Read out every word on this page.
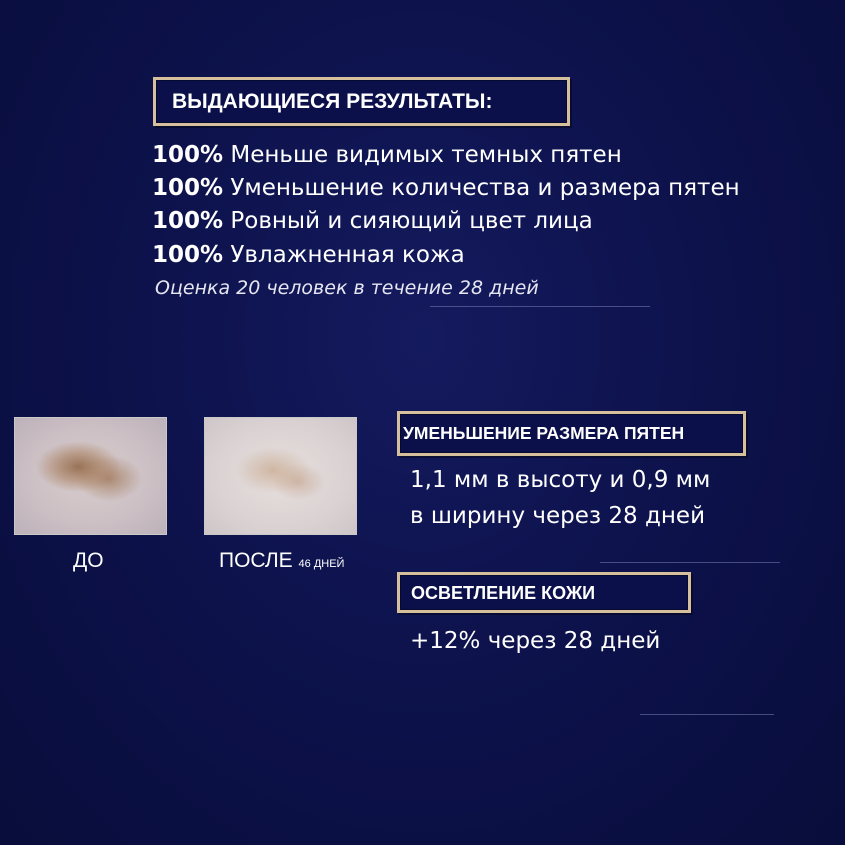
ВЫДАЮЩИЕСЯ РЕЗУЛЬТАТЫ:
100% Меньше видимых темных пятен
100% Уменьшение количества и размера пятен
100% Ровный и сияющий цвет лица
100% Увлажненная кожа
Оценка 20 человек в течение 28 дней
ДО	ПОСЛЕ 46 ДНЕЙ
УМЕНЬШЕНИЕ РАЗМЕРА ПЯТЕН
1,1 мм в высоту и 0,9 мм
в ширину через 28 дней
ОСВЕТЛЕНИЕ КОЖИ
+12% через 28 дней
